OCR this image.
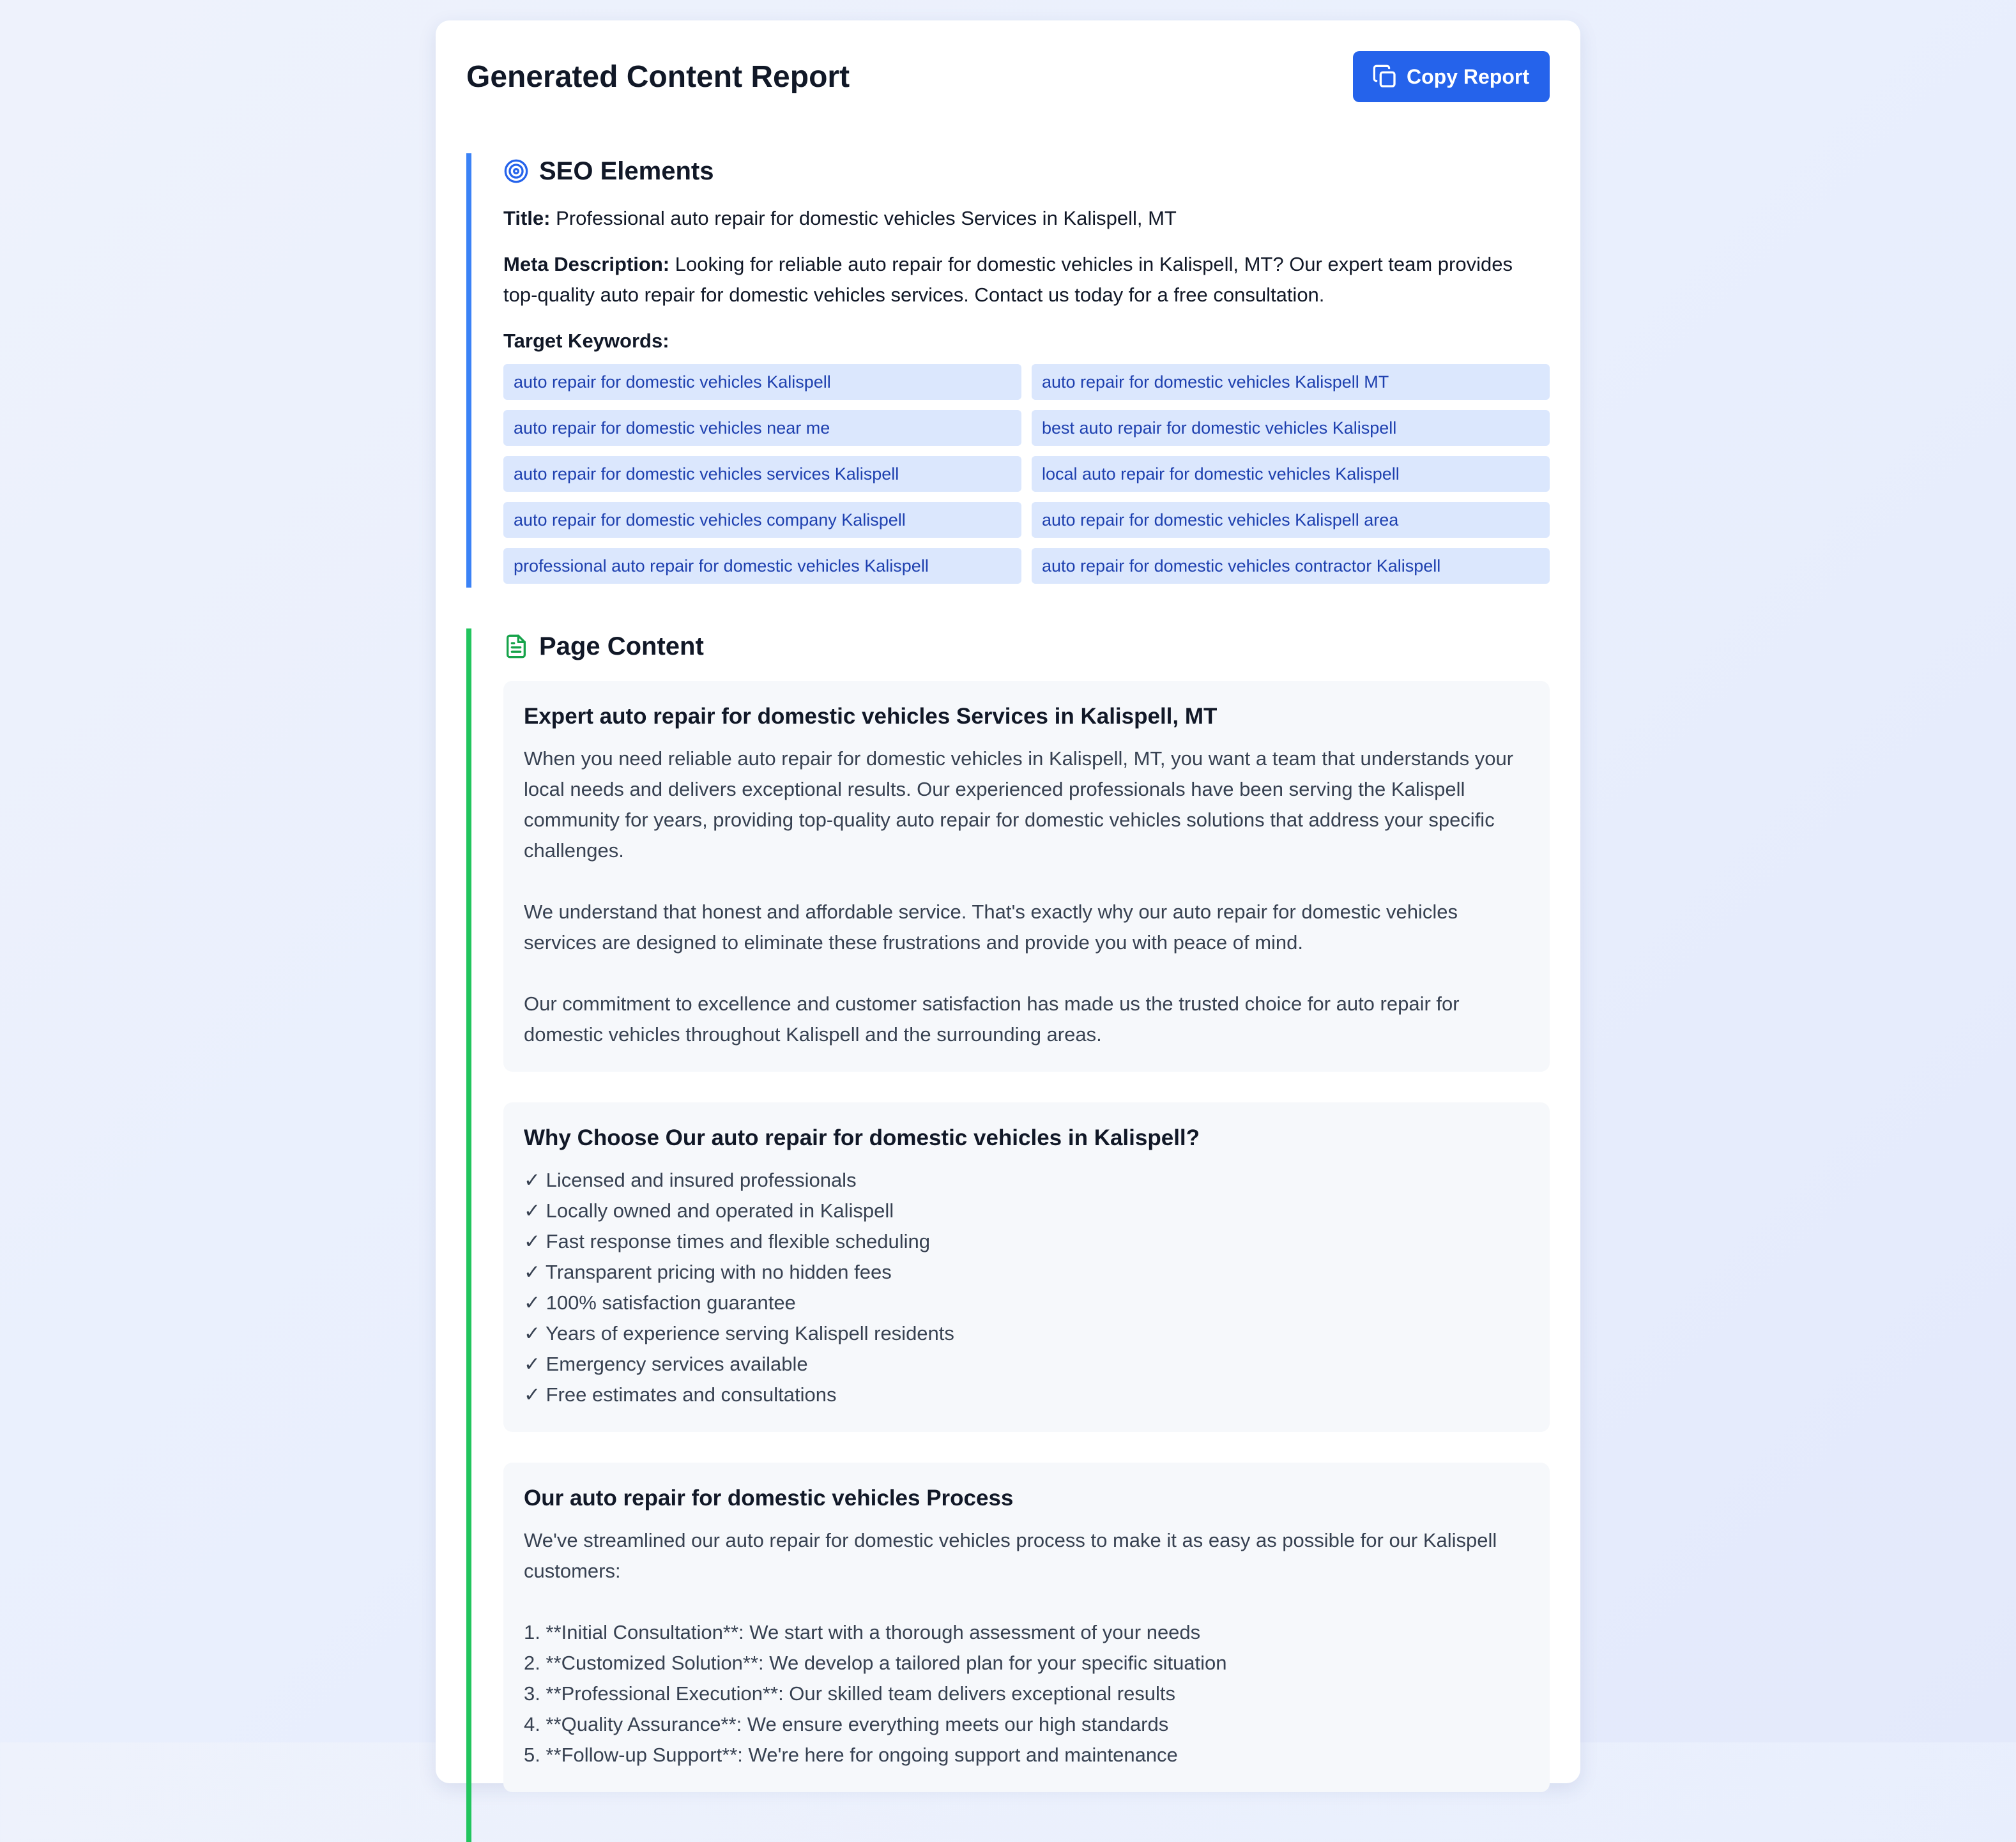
Generated Content Report	Copy Report
SEO Elements
Title: Professional auto repair for domestic vehicles Services in Kalispell, MT
Meta Description: Looking for reliable auto repair for domestic vehicles in Kalispell, MT? Our expert team provides top-quality auto repair for domestic vehicles services. Contact us today for a free consultation.
Target Keywords:
auto repair for domestic vehicles Kalispell	auto repair for domestic vehicles Kalispell MT
auto repair for domestic vehicles near me	best auto repair for domestic vehicles Kalispell
auto repair for domestic vehicles services Kalispell	local auto repair for domestic vehicles Kalispell
auto repair for domestic vehicles company Kalispell	auto repair for domestic vehicles Kalispell area
professional auto repair for domestic vehicles Kalispell	auto repair for domestic vehicles contractor Kalispell
Page Content
Expert auto repair for domestic vehicles Services in Kalispell, MT

When you need reliable auto repair for domestic vehicles in Kalispell, MT, you want a team that understands your local needs and delivers exceptional results. Our experienced professionals have been serving the Kalispell community for years, providing top-quality auto repair for domestic vehicles solutions that address your specific challenges.

We understand that honest and affordable service. That's exactly why our auto repair for domestic vehicles services are designed to eliminate these frustrations and provide you with peace of mind.

Our commitment to excellence and customer satisfaction has made us the trusted choice for auto repair for domestic vehicles throughout Kalispell and the surrounding areas.

Why Choose Our auto repair for domestic vehicles in Kalispell?
✓ Licensed and insured professionals
✓ Locally owned and operated in Kalispell
✓ Fast response times and flexible scheduling
✓ Transparent pricing with no hidden fees
✓ 100% satisfaction guarantee
✓ Years of experience serving Kalispell residents
✓ Emergency services available
✓ Free estimates and consultations
Our auto repair for domestic vehicles Process

We've streamlined our auto repair for domestic vehicles process to make it as easy as possible for our Kalispell customers:

1. **Initial Consultation**: We start with a thorough assessment of your needs
2. **Customized Solution**: We develop a tailored plan for your specific situation
3. **Professional Execution**: Our skilled team delivers exceptional results
4. **Quality Assurance**: We ensure everything meets our high standards
5. **Follow-up Support**: We're here for ongoing support and maintenance
